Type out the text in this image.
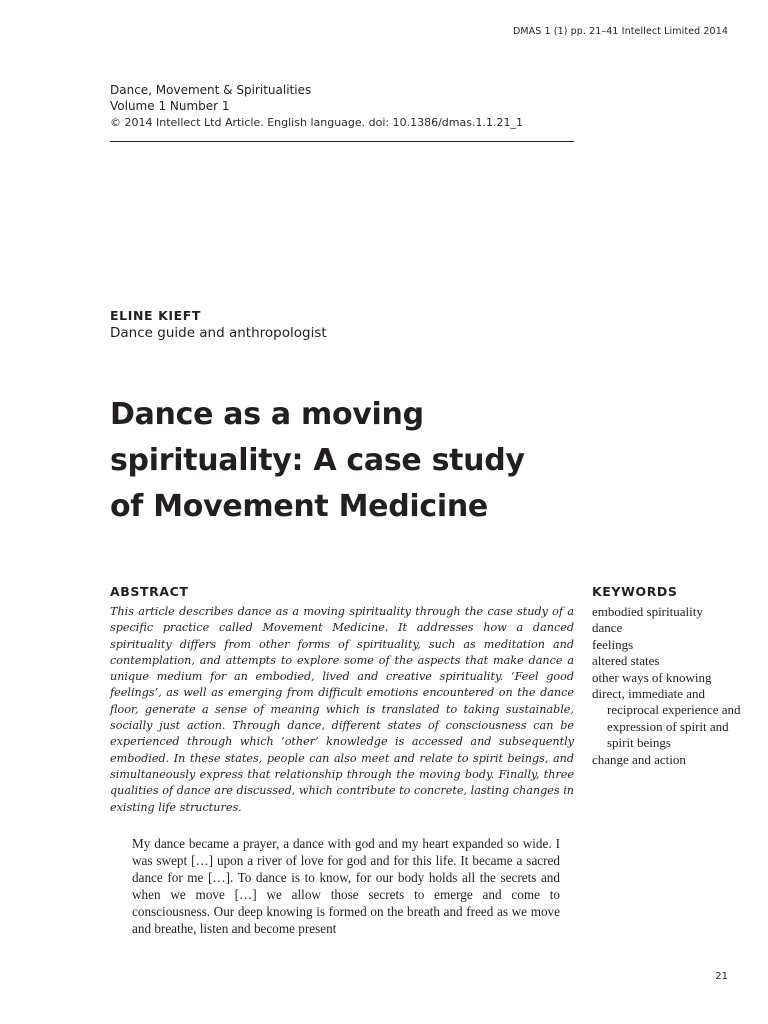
DMAS 1 (1) pp. 21–41 Intellect Limited 2014
Dance, Movement & Spiritualities
Volume 1 Number 1
© 2014 Intellect Ltd Article. English language. doi: 10.1386/dmas.1.1.21_1
ELINE KIEFT
Dance guide and anthropologist
Dance as a moving
spirituality: A case study
of Movement Medicine
ABSTRACT

This article describes dance as a moving spirituality through the case study of a specific practice called Movement Medicine. It addresses how a danced spirituality differs from other forms of spirituality, such as meditation and contemplation, and attempts to explore some of the aspects that make dance a unique medium for an embodied, lived and creative spirituality. ‘Feel good feelings’, as well as emerging from difficult emotions encountered on the dance floor, generate a sense of meaning which is translated to taking sustainable, socially just action. Through dance, different states of consciousness can be experienced through which ‘other’ knowledge is accessed and subsequently embodied. In these states, people can also meet and relate to spirit beings, and simultaneously express that relationship through the moving body. Finally, three qualities of dance are discussed, which contribute to concrete, lasting changes in existing life structures.

KEYWORDS
embodied spirituality
dance
feelings
altered states
other ways of knowing
direct, immediate and reciprocal experience and expression of spirit and spirit beings
change and action

My dance became a prayer, a dance with god and my heart expanded so wide. I was swept […] upon a river of love for god and for this life. It became a sacred dance for me […]. To dance is to know, for our body holds all the secrets and when we move […] we allow those secrets to emerge and come to consciousness. Our deep knowing is formed on the breath and freed as we move and breathe, listen and become present

21
